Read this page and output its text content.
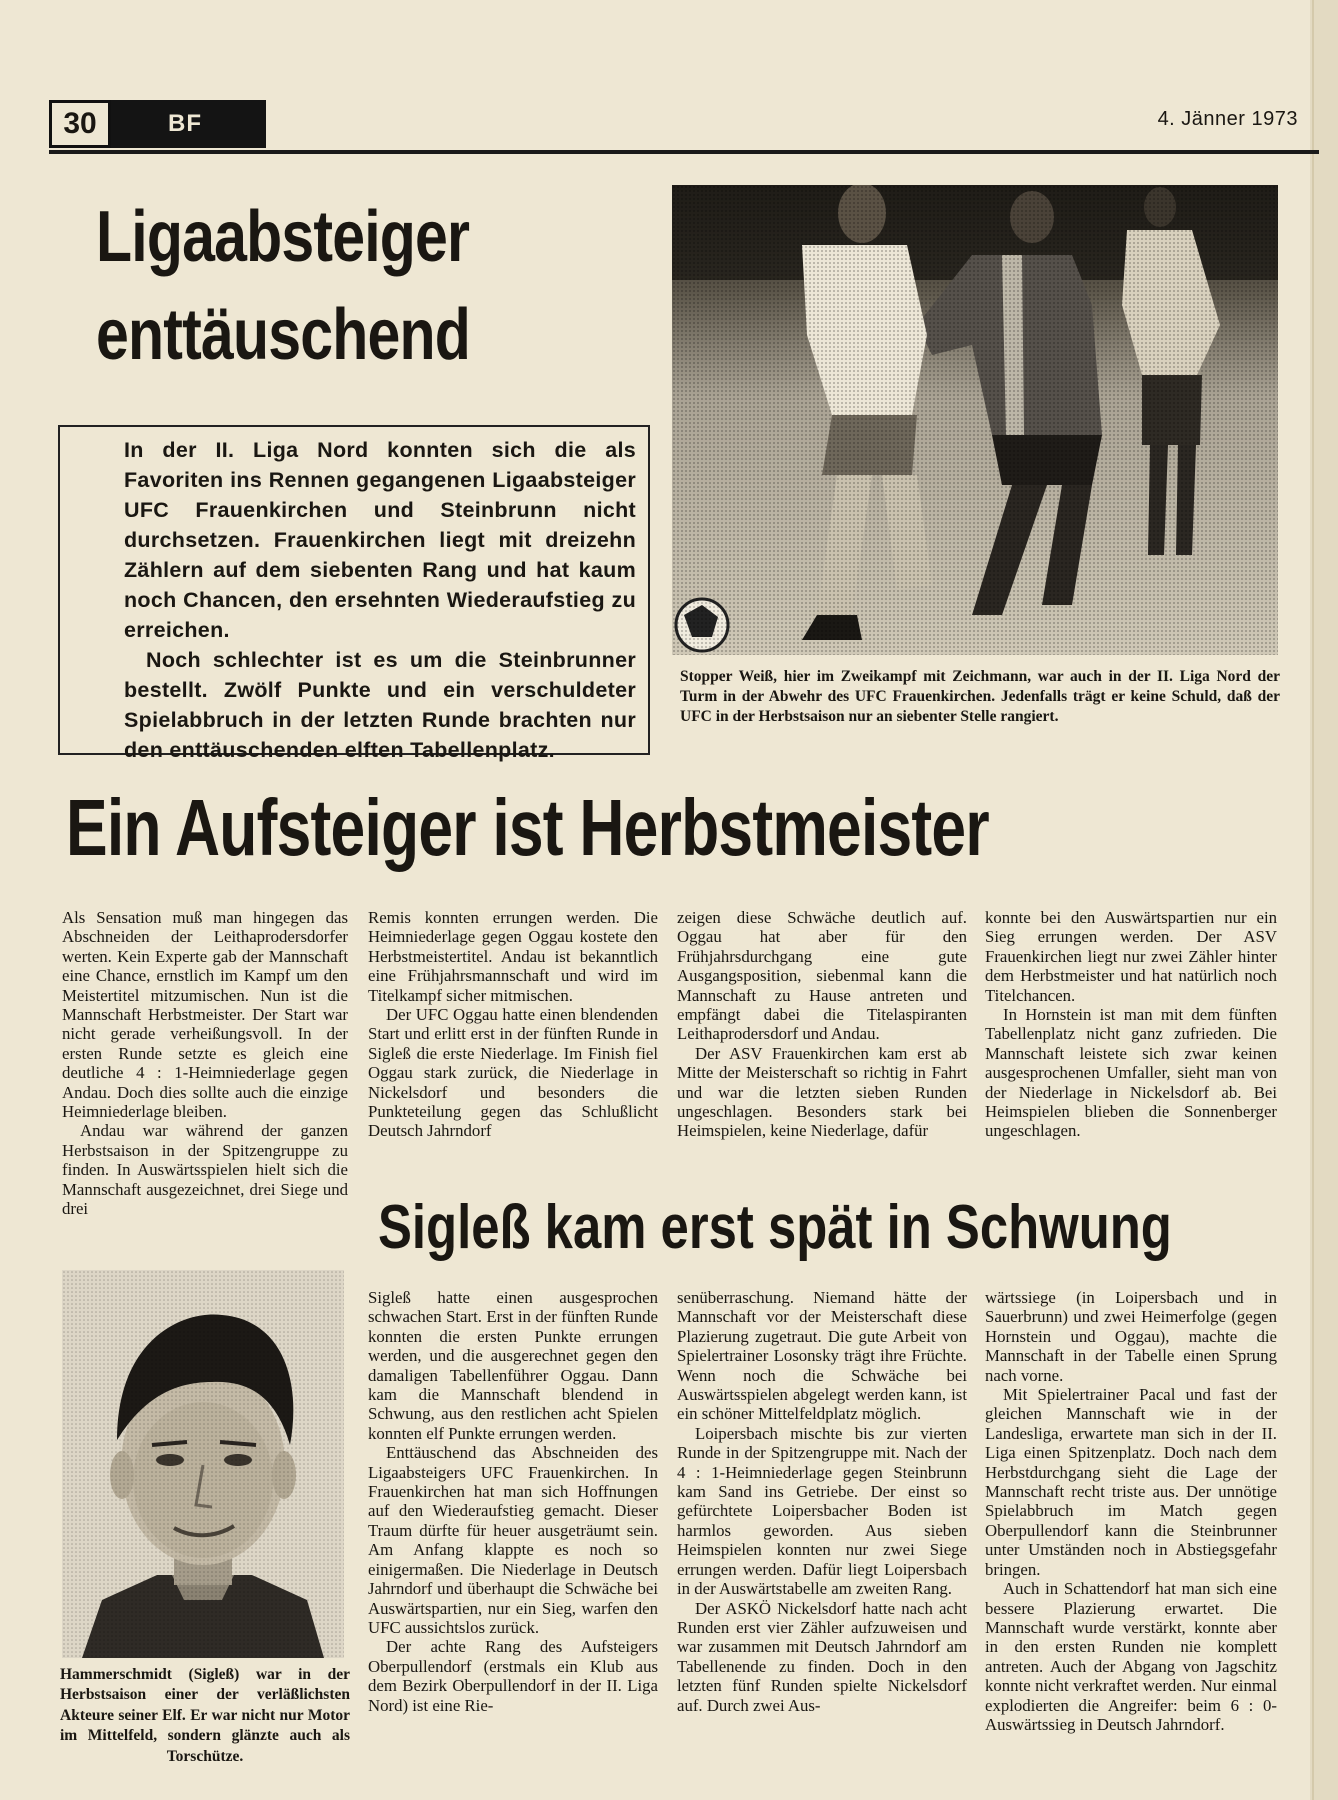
BF
30	4. Jänner 1973
Ligaabsteiger
enttäuschend

In der II. Liga Nord konnten sich die als Favoriten ins Rennen gegangenen Ligaabsteiger UFC Frauenkirchen und Steinbrunn nicht durchsetzen. Frauenkirchen liegt mit dreizehn Zählern auf dem siebenten Rang und hat kaum noch Chancen, den ersehnten Wiederaufstieg zu erreichen.

Noch schlechter ist es um die Steinbrunner bestellt. Zwölf Punkte und ein verschuldeter Spielabbruch in der letzten Runde brachten nur den enttäuschenden elften Tabellenplatz.

Stopper Weiß, hier im Zweikampf mit Zeichmann, war auch in der II. Liga Nord der Turm in der Abwehr des UFC Frauenkirchen. Jedenfalls trägt er keine Schuld, daß der UFC in der Herbstsaison nur an siebenter Stelle rangiert.
Ein Aufsteiger ist Herbstmeister

Als Sensation muß man hingegen das Abschneiden der Leithaprodersdorfer werten. Kein Experte gab der Mannschaft eine Chance, ernstlich im Kampf um den Meistertitel mitzumischen. Nun ist die Mannschaft Herbstmeister. Der Start war nicht gerade verheißungsvoll. In der ersten Runde setzte es gleich eine deutliche 4 : 1-Heimniederlage gegen Andau. Doch dies sollte auch die einzige Heimniederlage bleiben.

Andau war während der ganzen Herbstsaison in der Spitzengruppe zu finden. In Auswärtsspielen hielt sich die Mannschaft ausgezeichnet, drei Siege und drei

Remis konnten errungen werden. Die Heimniederlage gegen Oggau kostete den Herbstmeistertitel. Andau ist bekanntlich eine Frühjahrsmannschaft und wird im Titelkampf sicher mitmischen.

Der UFC Oggau hatte einen blendenden Start und erlitt erst in der fünften Runde in Sigleß die erste Niederlage. Im Finish fiel Oggau stark zurück, die Niederlage in Nickelsdorf und besonders die Punkteteilung gegen das Schlußlicht Deutsch Jahrndorf

zeigen diese Schwäche deutlich auf. Oggau hat aber für den Frühjahrsdurchgang eine gute Ausgangsposition, siebenmal kann die Mannschaft zu Hause antreten und empfängt dabei die Titelaspiranten Leithaprodersdorf und Andau.

Der ASV Frauenkirchen kam erst ab Mitte der Meisterschaft so richtig in Fahrt und war die letzten sieben Runden ungeschlagen. Besonders stark bei Heimspielen, keine Niederlage, dafür

konnte bei den Auswärtspartien nur ein Sieg errungen werden. Der ASV Frauenkirchen liegt nur zwei Zähler hinter dem Herbstmeister und hat natürlich noch Titelchancen.

In Hornstein ist man mit dem fünften Tabellenplatz nicht ganz zufrieden. Die Mannschaft leistete sich zwar keinen ausgesprochenen Umfaller, sieht man von der Niederlage in Nickelsdorf ab. Bei Heimspielen blieben die Sonnenberger ungeschlagen.

Sigleß kam erst spät in Schwung
Hammerschmidt (Sigleß) war in der Herbstsaison einer der verläßlichsten Akteure seiner Elf. Er war nicht nur Motor im Mittelfeld, sondern glänzte auch als Torschütze.

Sigleß hatte einen ausgesprochen schwachen Start. Erst in der fünften Runde konnten die ersten Punkte errungen werden, und die ausgerechnet gegen den damaligen Tabellenführer Oggau. Dann kam die Mannschaft blendend in Schwung, aus den restlichen acht Spielen konnten elf Punkte errungen werden.

Enttäuschend das Abschneiden des Ligaabsteigers UFC Frauenkirchen. In Frauenkirchen hat man sich Hoffnungen auf den Wiederaufstieg gemacht. Dieser Traum dürfte für heuer ausgeträumt sein. Am Anfang klappte es noch so einigermaßen. Die Niederlage in Deutsch Jahrndorf und überhaupt die Schwäche bei Auswärtspartien, nur ein Sieg, warfen den UFC aussichtslos zurück.

Der achte Rang des Aufsteigers Oberpullendorf (erstmals ein Klub aus dem Bezirk Oberpullendorf in der II. Liga Nord) ist eine Rie-

senüberraschung. Niemand hätte der Mannschaft vor der Meisterschaft diese Plazierung zugetraut. Die gute Arbeit von Spielertrainer Losonsky trägt ihre Früchte. Wenn noch die Schwäche bei Auswärtsspielen abgelegt werden kann, ist ein schöner Mittelfeldplatz möglich.

Loipersbach mischte bis zur vierten Runde in der Spitzengruppe mit. Nach der 4 : 1-Heimniederlage gegen Steinbrunn kam Sand ins Getriebe. Der einst so gefürchtete Loipersbacher Boden ist harmlos geworden. Aus sieben Heimspielen konnten nur zwei Siege errungen werden. Dafür liegt Loipersbach in der Auswärtstabelle am zweiten Rang.

Der ASKÖ Nickelsdorf hatte nach acht Runden erst vier Zähler aufzuweisen und war zusammen mit Deutsch Jahrndorf am Tabellenende zu finden. Doch in den letzten fünf Runden spielte Nickelsdorf auf. Durch zwei Aus-

wärtssiege (in Loipersbach und in Sauerbrunn) und zwei Heimerfolge (gegen Hornstein und Oggau), machte die Mannschaft in der Tabelle einen Sprung nach vorne.

Mit Spielertrainer Pacal und fast der gleichen Mannschaft wie in der Landesliga, erwartete man sich in der II. Liga einen Spitzenplatz. Doch nach dem Herbstdurchgang sieht die Lage der Mannschaft recht triste aus. Der unnötige Spielabbruch im Match gegen Oberpullendorf kann die Steinbrunner unter Umständen noch in Abstiegsgefahr bringen.

Auch in Schattendorf hat man sich eine bessere Plazierung erwartet. Die Mannschaft wurde verstärkt, konnte aber in den ersten Runden nie komplett antreten. Auch der Abgang von Jagschitz konnte nicht verkraftet werden. Nur einmal explodierten die Angreifer: beim 6 : 0-Auswärtssieg in Deutsch Jahrndorf.
